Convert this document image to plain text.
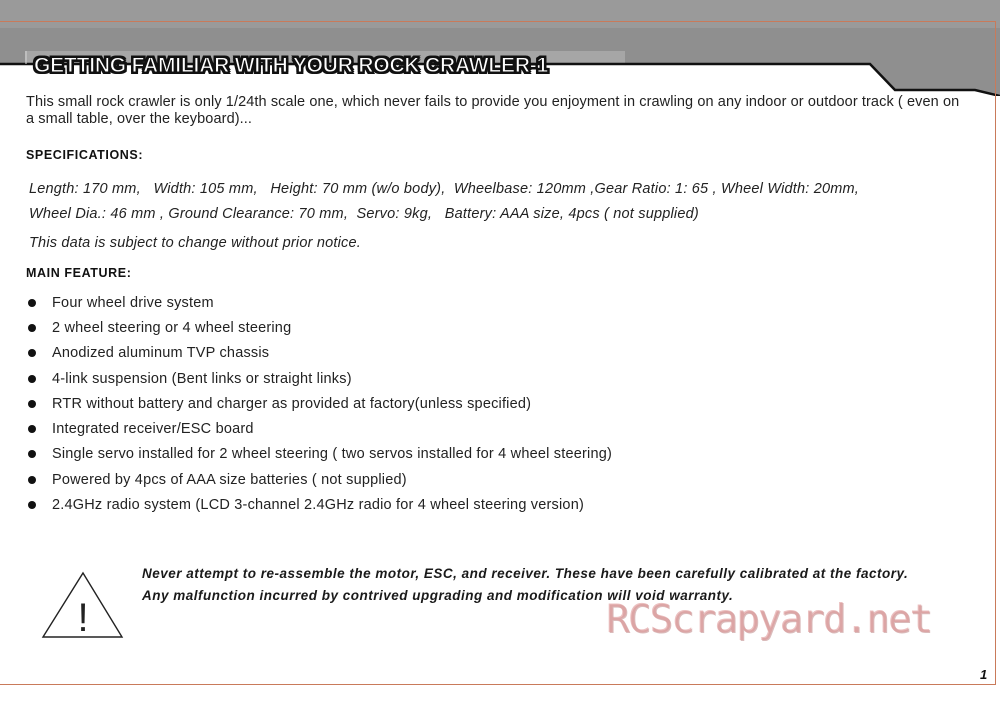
GETTING FAMILIAR WITH YOUR ROCK CRAWLER-1

This small rock crawler is only 1/24th scale one, which never fails to provide you enjoyment in crawling on any indoor or outdoor track ( even on a small table, over the keyboard)...

SPECIFICATIONS:
Length: 170 mm,   Width: 105 mm,   Height: 70 mm (w/o body),  Wheelbase: 120mm ,Gear Ratio: 1: 65 , Wheel Width: 20mm,
Wheel Dia.: 46 mm , Ground Clearance: 70 mm,  Servo: 9kg,   Battery: AAA size, 4pcs ( not supplied)

This data is subject to change without prior notice.

MAIN FEATURE:
Four wheel drive system
2 wheel steering or 4 wheel steering
Anodized aluminum TVP chassis
4-link suspension (Bent links or straight links)
RTR without battery and charger as provided at factory(unless specified)
Integrated receiver/ESC board
Single servo installed for 2 wheel steering ( two servos installed for 4 wheel steering)
Powered by 4pcs of AAA size batteries ( not supplied)
2.4GHz radio system (LCD 3-channel 2.4GHz radio for 4 wheel steering version)
!
Never attempt to re-assemble the motor, ESC, and receiver. These have been carefully calibrated at the factory.
Any malfunction incurred by contrived upgrading and modification will void warranty.
RCScrapyard.net
1
